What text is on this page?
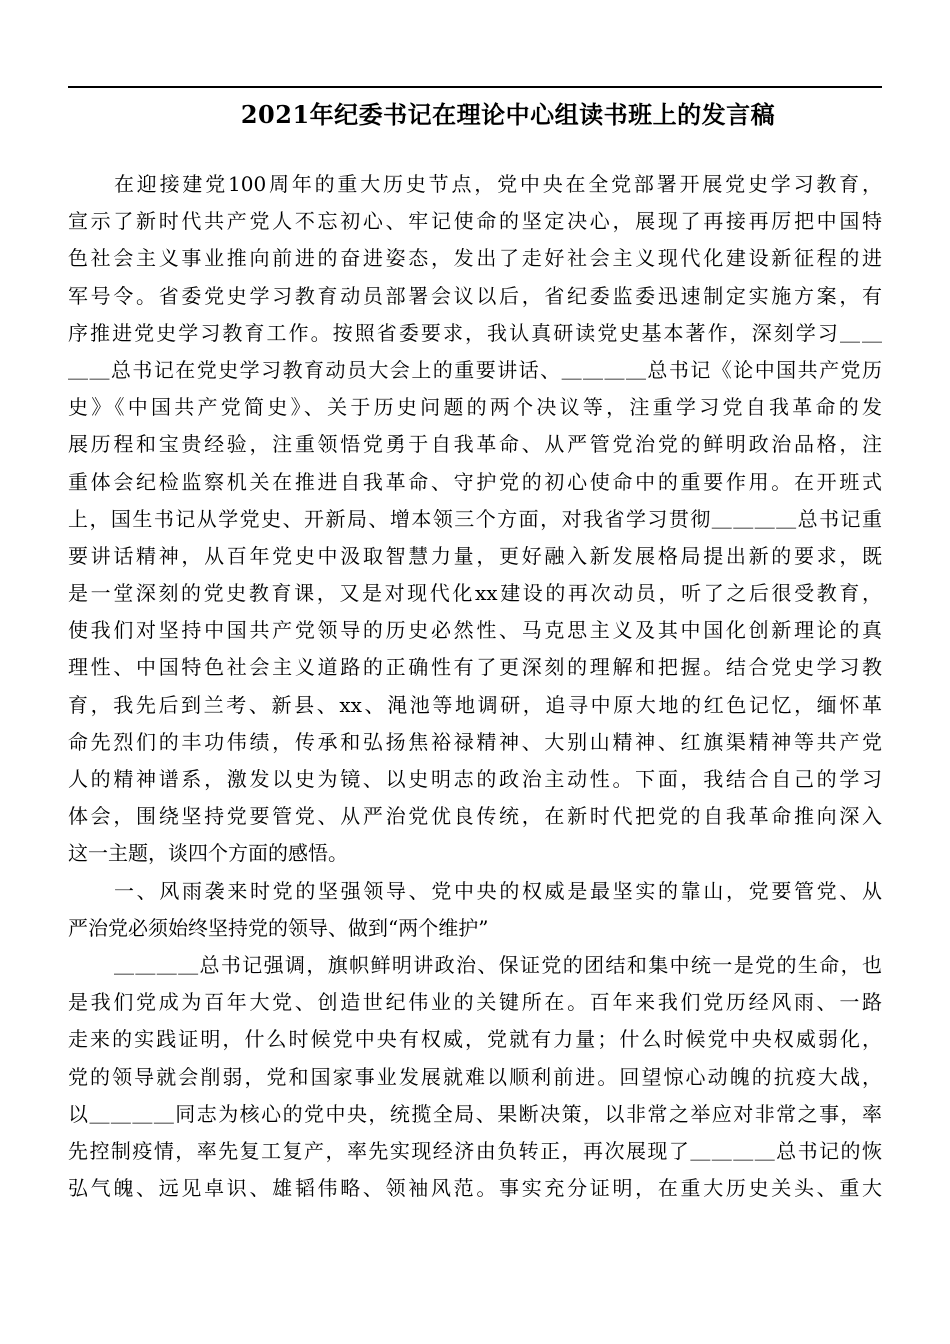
2021年纪委书记在理论中心组读书班上的发言稿
在迎接建党100周年的重大历史节点，党中央在全党部署开展党史学习教育，
宣示了新时代共产党人不忘初心、牢记使命的坚定决心，展现了再接再厉把中国特
色社会主义事业推向前进的奋进姿态，发出了走好社会主义现代化建设新征程的进
军号令。省委党史学习教育动员部署会议以后，省纪委监委迅速制定实施方案，有
序推进党史学习教育工作。按照省委要求，我认真研读党史基本著作，深刻学习＿＿
＿＿总书记在党史学习教育动员大会上的重要讲话、＿＿＿＿总书记《论中国共产党历
史》《中国共产党简史》、关于历史问题的两个决议等，注重学习党自我革命的发
展历程和宝贵经验，注重领悟党勇于自我革命、从严管党治党的鲜明政治品格，注
重体会纪检监察机关在推进自我革命、守护党的初心使命中的重要作用。在开班式
上，国生书记从学党史、开新局、增本领三个方面，对我省学习贯彻＿＿＿＿总书记重
要讲话精神，从百年党史中汲取智慧力量，更好融入新发展格局提出新的要求，既
是一堂深刻的党史教育课，又是对现代化xx建设的再次动员，听了之后很受教育，
使我们对坚持中国共产党领导的历史必然性、马克思主义及其中国化创新理论的真
理性、中国特色社会主义道路的正确性有了更深刻的理解和把握。结合党史学习教
育，我先后到兰考、新县、xx、渑池等地调研，追寻中原大地的红色记忆，缅怀革
命先烈们的丰功伟绩，传承和弘扬焦裕禄精神、大别山精神、红旗渠精神等共产党
人的精神谱系，激发以史为镜、以史明志的政治主动性。下面，我结合自己的学习
体会，围绕坚持党要管党、从严治党优良传统，在新时代把党的自我革命推向深入
这一主题，谈四个方面的感悟。
一、风雨袭来时党的坚强领导、党中央的权威是最坚实的靠山，党要管党、从
严治党必须始终坚持党的领导、做到“两个维护”
＿＿＿＿总书记强调，旗帜鲜明讲政治、保证党的团结和集中统一是党的生命，也
是我们党成为百年大党、创造世纪伟业的关键所在。百年来我们党历经风雨、一路
走来的实践证明，什么时候党中央有权威，党就有力量；什么时候党中央权威弱化，
党的领导就会削弱，党和国家事业发展就难以顺利前进。回望惊心动魄的抗疫大战，
以＿＿＿＿同志为核心的党中央，统揽全局、果断决策，以非常之举应对非常之事，率
先控制疫情，率先复工复产，率先实现经济由负转正，再次展现了＿＿＿＿总书记的恢
弘气魄、远见卓识、雄韬伟略、领袖风范。事实充分证明，在重大历史关头、重大
